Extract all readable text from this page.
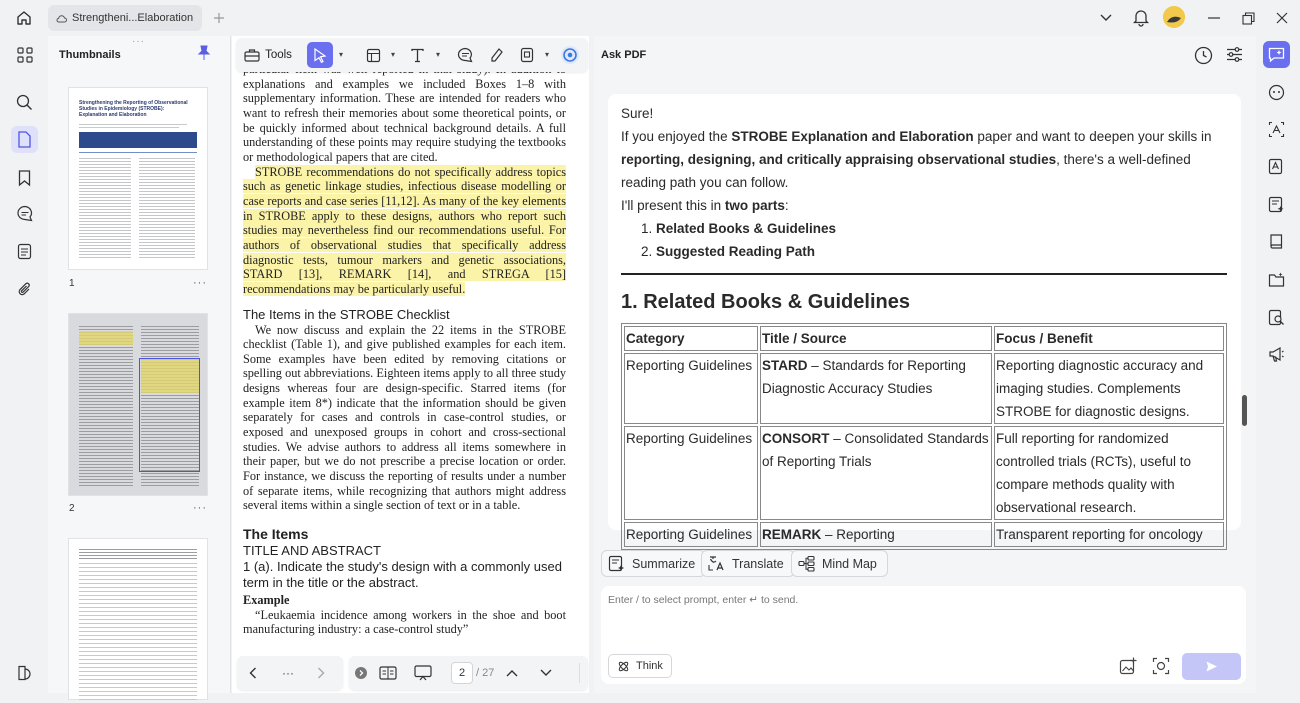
Strengtheni...Elaboration
···
Thumbnails
Strengthening the Reporting of Observational Studies in Epidemiology (STROBE): Explanation and Elaboration
1	···
2	···

explanations and examples we included Boxes 1–8 with supplementary information. These are intended for readers who want to refresh their memories about some theoretical points, or be quickly informed about technical background details. A full understanding of these points may require studying the textbooks or methodological papers that are cited.

STROBE recommendations do not specifically address topics such as genetic linkage studies, infectious disease modelling or case reports and case series [11,12]. As many of the key elements in STROBE apply to these designs, authors who report such studies may nevertheless find our recommendations useful. For authors of observational studies that specifically address diagnostic tests, tumour markers and genetic associations, STARD [13], REMARK [14], and STREGA [15] recommendations may be particularly useful.

The Items in the STROBE Checklist

We now discuss and explain the 22 items in the STROBE checklist (Table 1), and give published examples for each item. Some examples have been edited by removing citations or spelling out abbreviations. Eighteen items apply to all three study designs whereas four are design-specific. Starred items (for example item 8*) indicate that the information should be given separately for cases and controls in case-control studies, or exposed and unexposed groups in cohort and cross-sectional studies. We advise authors to address all items somewhere in their paper, but we do not prescribe a precise location or order. For instance, we discuss the reporting of results under a number of separate items, while recognizing that authors might address several items within a single section of text or in a table.

The Items

TITLE AND ABSTRACT

1 (a). Indicate the study's design with a commonly used term in the title or the abstract.

Example

“Leukaemia incidence among workers in the shoe and boot manufacturing industry: a case-control study”

Tools	▾	▾	▾	▾
···	2 / 27
Ask PDF
Sure!
If you enjoyed the STROBE Explanation and Elaboration paper and want to deepen your skills in reporting, designing, and critically appraising observational studies, there's a well-defined reading path you can follow.
I'll present this in two parts:
1. Related Books & Guidelines
2. Suggested Reading Path
1. Related Books & Guidelines
Category	Title / Source	Focus / Benefit
Reporting Guidelines	STARD – Standards for Reporting Diagnostic Accuracy Studies	Reporting diagnostic accuracy and imaging studies. Complements STROBE for diagnostic designs.
Reporting Guidelines	CONSORT – Consolidated Standards of Reporting Trials	Full reporting for randomized controlled trials (RCTs), useful to compare methods quality with observational research.
Reporting Guidelines	REMARK – Reporting	Transparent reporting for oncology
Summarize	Translate	Mind Map
Enter / to select prompt, enter ↵ to send.
Think
